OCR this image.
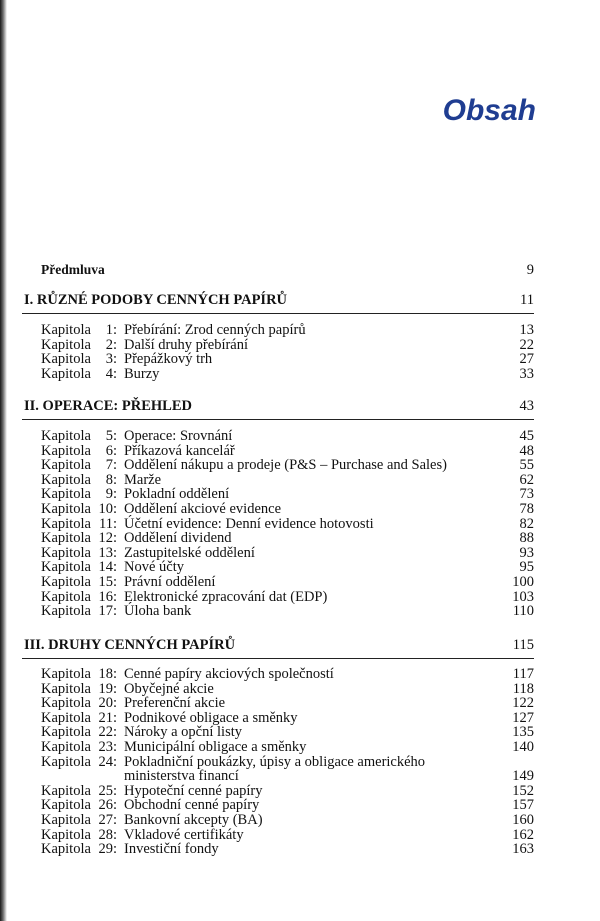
Obsah
Předmluva	9
I. RŮZNÉ PODOBY CENNÝCH PAPÍRŮ	11
Kapitola 1: Přebírání: Zrod cenných papírů	13
Kapitola 2: Další druhy přebírání	22
Kapitola 3: Přepážkový trh	27
Kapitola 4: Burzy	33
II. OPERACE: PŘEHLED	43
Kapitola 5: Operace: Srovnání	45
Kapitola 6: Příkazová kancelář	48
Kapitola 7: Oddělení nákupu a prodeje (P&S – Purchase and Sales)	55
Kapitola 8: Marže	62
Kapitola 9: Pokladní oddělení	73
Kapitola 10: Oddělení akciové evidence	78
Kapitola 11: Účetní evidence: Denní evidence hotovosti	82
Kapitola 12: Oddělení dividend	88
Kapitola 13: Zastupitelské oddělení	93
Kapitola 14: Nové účty	95
Kapitola 15: Právní oddělení	100
Kapitola 16: Elektronické zpracování dat (EDP)	103
Kapitola 17: Úloha bank	110
III. DRUHY CENNÝCH PAPÍRŮ	115
Kapitola 18: Cenné papíry akciových společností	117
Kapitola 19: Obyčejné akcie	118
Kapitola 20: Preferenční akcie	122
Kapitola 21: Podnikové obligace a směnky	127
Kapitola 22: Nároky a opční listy	135
Kapitola 23: Municipální obligace a směnky	140
Kapitola 24: Pokladniční poukázky, úpisy a obligace amerického
ministerstva financí	149
Kapitola 25: Hypoteční cenné papíry	152
Kapitola 26: Obchodní cenné papíry	157
Kapitola 27: Bankovní akcepty (BA)	160
Kapitola 28: Vkladové certifikáty	162
Kapitola 29: Investiční fondy	163
